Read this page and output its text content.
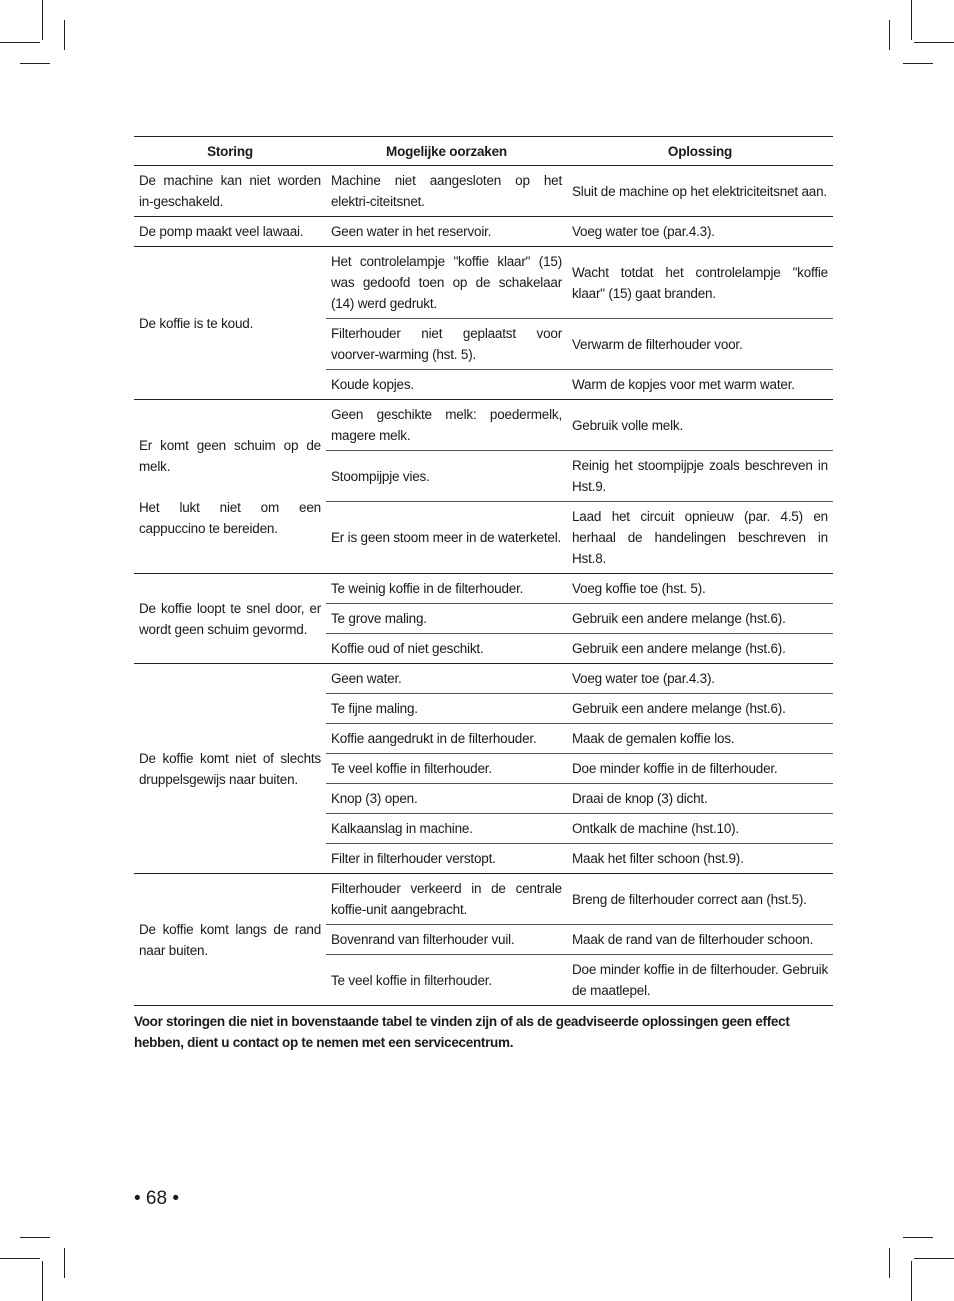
Storing	Mogelijke oorzaken	Oplossing

De machine kan niet worden in-geschakeld.	Machine niet aangesloten op het elektri-citeitsnet.	Sluit de machine op het elektriciteitsnet aan.

De pomp maakt veel lawaai.	Geen water in het reservoir.	Voeg water toe (par.4.3).

De koffie is te koud.	Het controlelampje "koffie klaar" (15) was gedoofd toen op de schakelaar (14) werd gedrukt.	Wacht totdat het controlelampje "koffie klaar" (15) gaat branden.
	Filterhouder niet geplaatst voor voorver-warming (hst. 5).	Verwarm de filterhouder voor.
	Koude kopjes.	Warm de kopjes voor met warm water.

Er komt geen schuim op de melk.
Het lukt niet om een cappuccino te bereiden.	Geen geschikte melk: poedermelk, magere melk.	Gebruik volle melk.
	Stoompijpje vies.	Reinig het stoompijpje zoals beschreven in Hst.9.
	Er is geen stoom meer in de waterketel.	Laad het circuit opnieuw (par. 4.5) en herhaal de handelingen beschreven in Hst.8.

De koffie loopt te snel door, er wordt geen schuim gevormd.	Te weinig koffie in de filterhouder.	Voeg koffie toe (hst. 5).
	Te grove maling.	Gebruik een andere melange (hst.6).
	Koffie oud of niet geschikt.	Gebruik een andere melange (hst.6).

De koffie komt niet of slechts druppelsgewijs naar buiten.	Geen water.	Voeg water toe (par.4.3).
	Te fijne maling.	Gebruik een andere melange (hst.6).
	Koffie aangedrukt in de filterhouder.	Maak de gemalen koffie los.
	Te veel koffie in filterhouder.	Doe minder koffie in de filterhouder.
	Knop (3) open.	Draai de knop (3) dicht.
	Kalkaanslag in machine.	Ontkalk de machine (hst.10).
	Filter in filterhouder verstopt.	Maak het filter schoon (hst.9).

De koffie komt langs de rand naar buiten.	Filterhouder verkeerd in de centrale koffie-unit aangebracht.	Breng de filterhouder correct aan (hst.5).
	Bovenrand van filterhouder vuil.	Maak de rand van de filterhouder schoon.
	Te veel koffie in filterhouder.	Doe minder koffie in de filterhouder. Gebruik de maatlepel.

Voor storingen die niet in bovenstaande tabel te vinden zijn of als de geadviseerde oplossingen geen effect hebben, dient u contact op te nemen met een servicecentrum.

• 68 •
